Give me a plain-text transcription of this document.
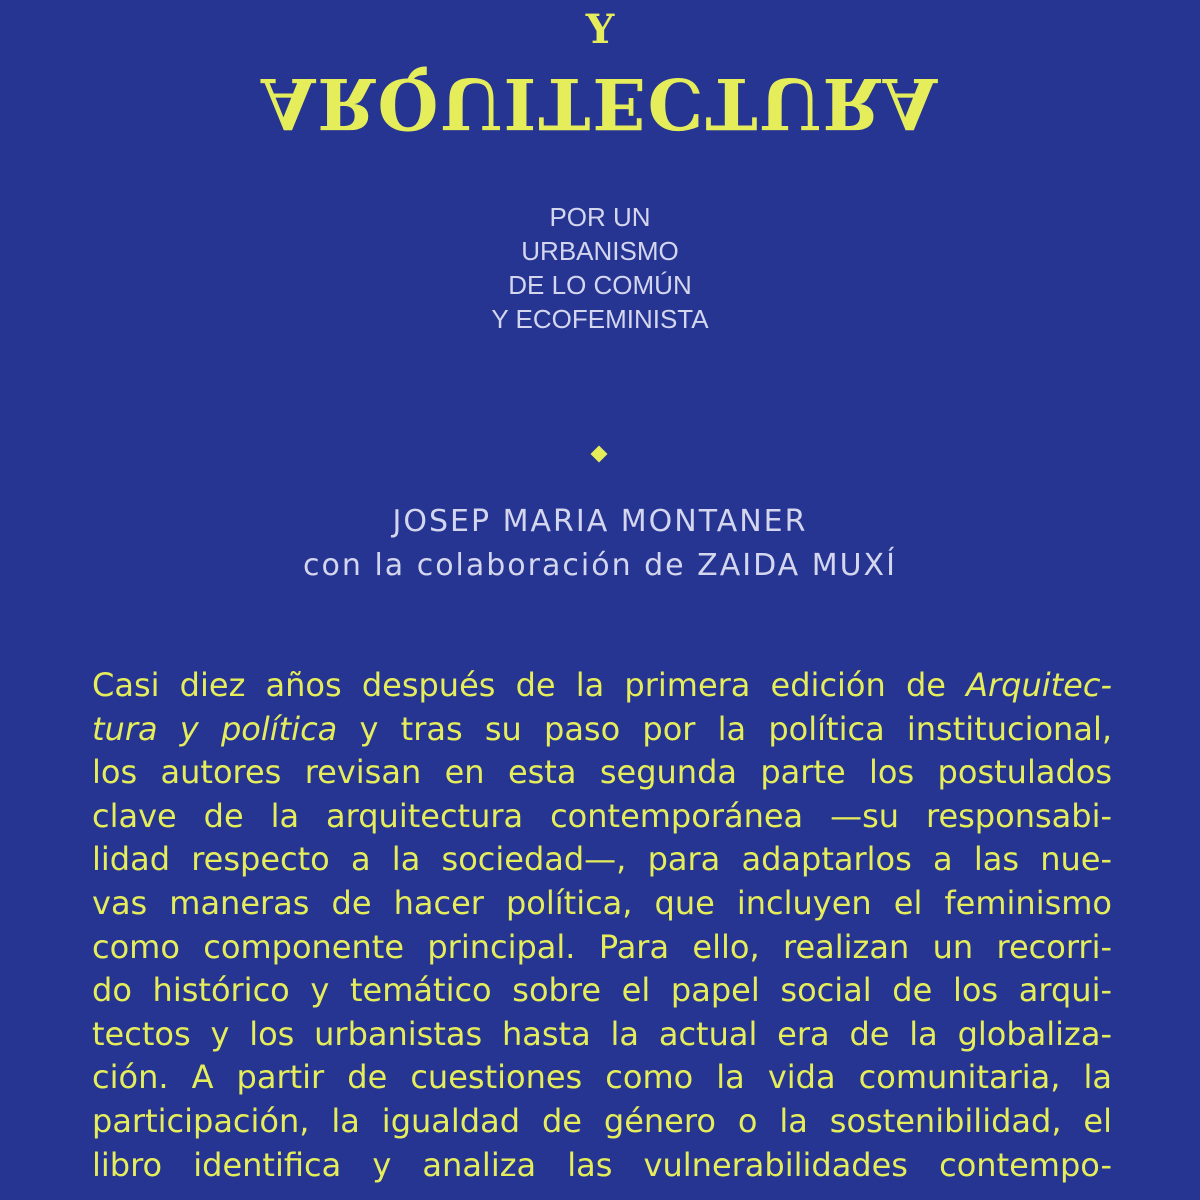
Y
ARQUITECTURA
POR UN
URBANISMO
DE LO COMÚN
Y ECOFEMINISTA
JOSEP MARIA MONTANER
con la colaboración de ZAIDA MUXÍ
Casi diez años después de la primera edición de Arquitec-
tura y política y tras su paso por la política institucional,
los autores revisan en esta segunda parte los postulados
clave de la arquitectura contemporánea —su responsabi-
lidad respecto a la sociedad—, para adaptarlos a las nue-
vas maneras de hacer política, que incluyen el feminismo
como componente principal. Para ello, realizan un recorri-
do histórico y temático sobre el papel social de los arqui-
tectos y los urbanistas hasta la actual era de la globaliza-
ción. A partir de cuestiones como la vida comunitaria, la
participación, la igualdad de género o la sostenibilidad, el
libro identifica y analiza las vulnerabilidades contempo-
